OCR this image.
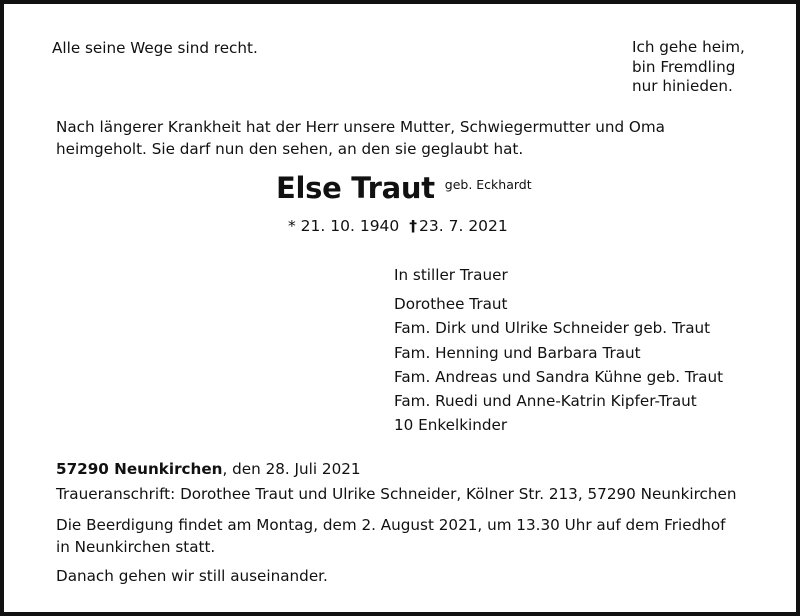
Alle seine Wege sind recht.	Ich gehe heim,
bin Fremdling
nur hinieden.
Nach längerer Krankheit hat der Herr unsere Mutter, Schwiegermutter und Oma
heimgeholt. Sie darf nun den sehen, an den sie geglaubt hat.
Else Traut $^{geb. Eckhardt}$
* 21. 10. 1940 † 23. 7. 2021
In stiller Trauer
Dorothee Traut
Fam. Dirk und Ulrike Schneider geb. Traut
Fam. Henning und Barbara Traut
Fam. Andreas und Sandra Kühne geb. Traut
Fam. Ruedi und Anne-Katrin Kipfer-Traut
10 Enkelkinder
57290 Neunkirchen, den 28. Juli 2021
Traueranschrift: Dorothee Traut und Ulrike Schneider, Kölner Str. 213, 57290 Neunkirchen
Die Beerdigung findet am Montag, dem 2. August 2021, um 13.30 Uhr auf dem Friedhof
in Neunkirchen statt.
Danach gehen wir still auseinander.
